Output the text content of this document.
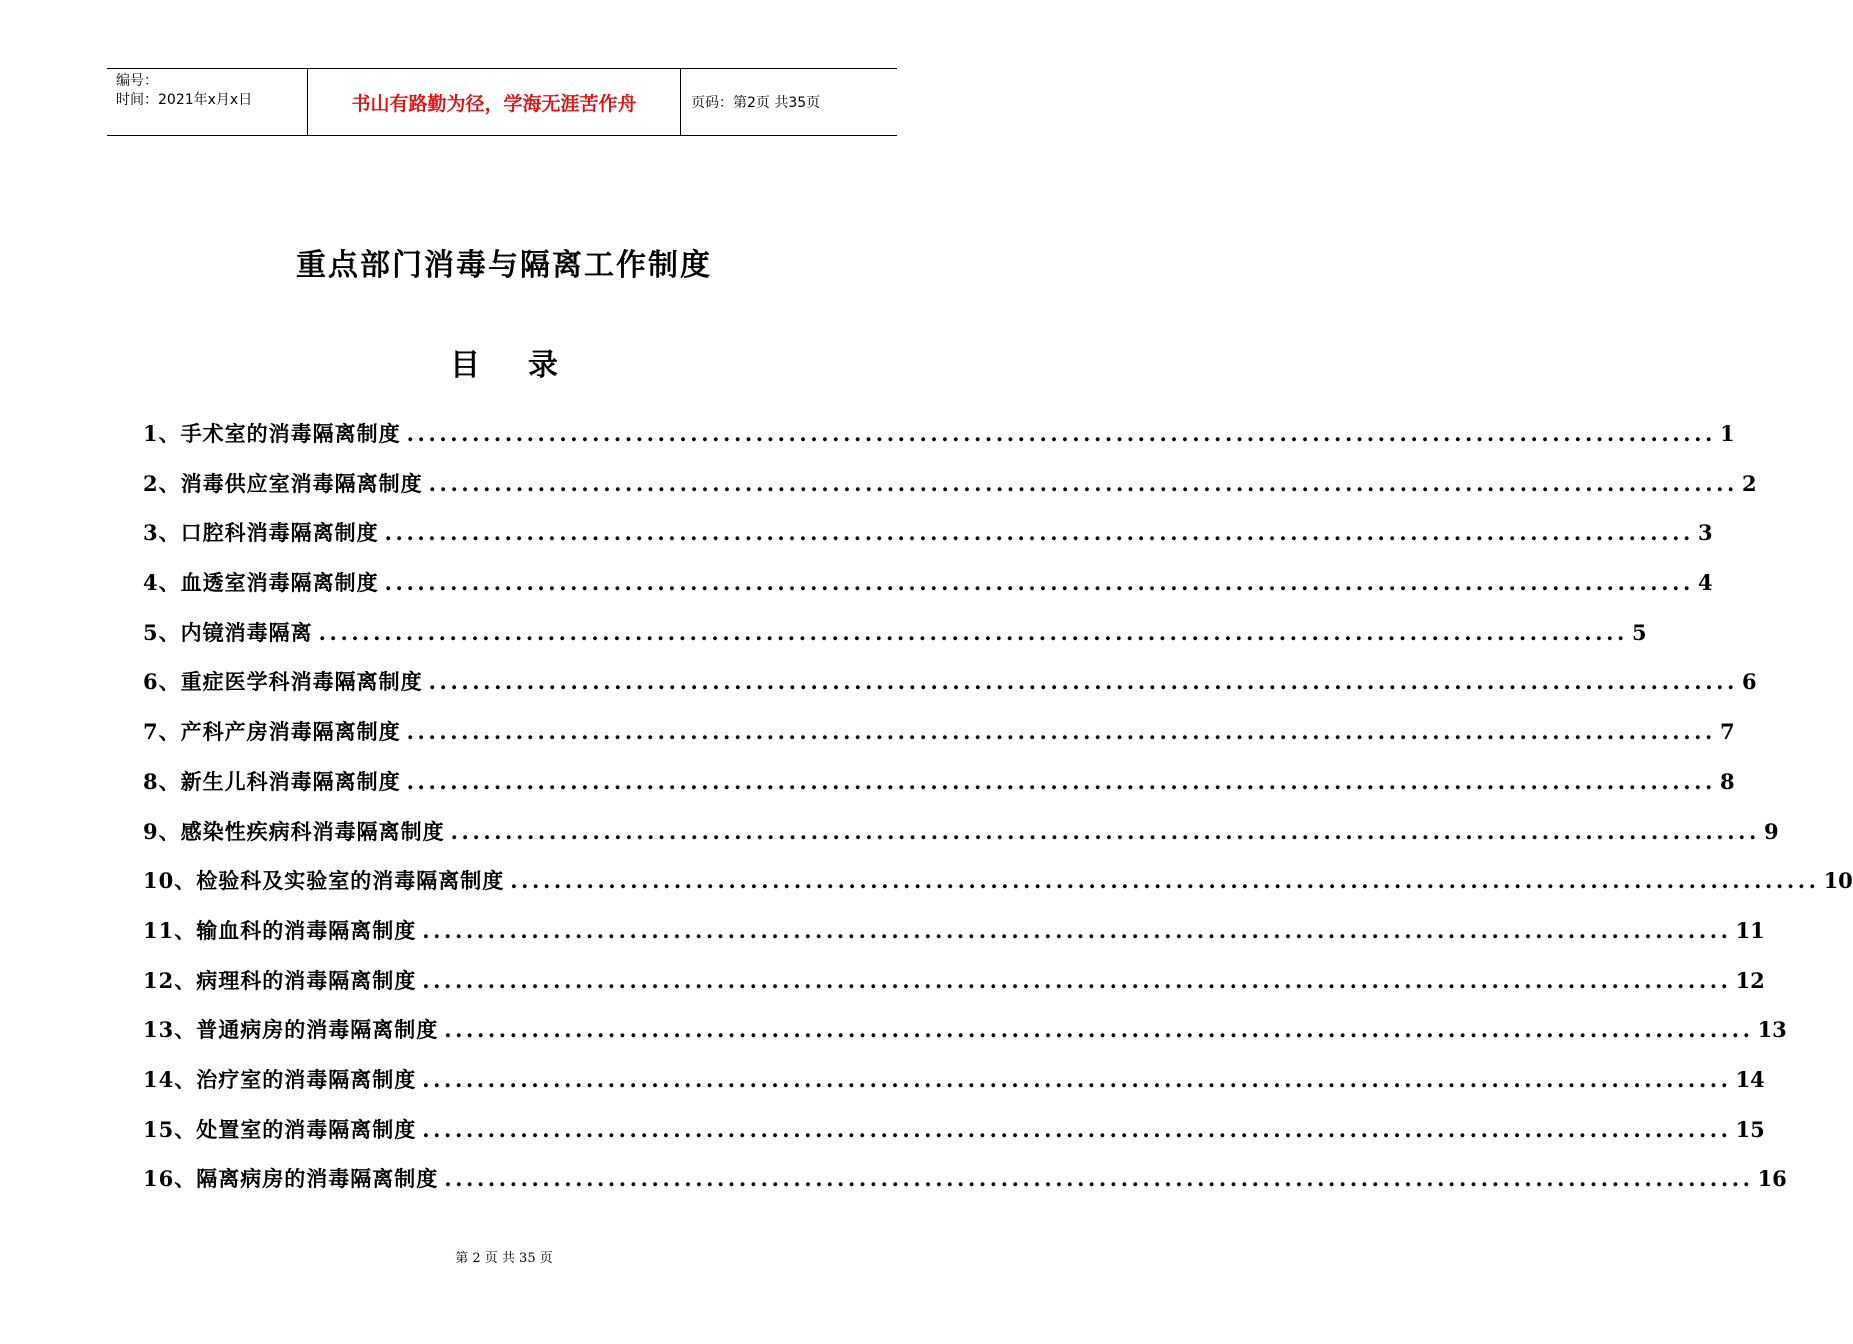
编号：
时间：2021年x月x日	书山有路勤为径，学海无涯苦作舟	页码：第2页 共35页
重点部门消毒与隔离工作制度
目 录
1、手术室的消毒隔离制度 ........................................................................................................................ 1
2、消毒供应室消毒隔离制度 ........................................................................................................................ 2
3、口腔科消毒隔离制度 ........................................................................................................................ 3
4、血透室消毒隔离制度 ........................................................................................................................ 4
5、内镜消毒隔离 ........................................................................................................................ 5
6、重症医学科消毒隔离制度 ........................................................................................................................ 6
7、产科产房消毒隔离制度 ........................................................................................................................ 7
8、新生儿科消毒隔离制度 ........................................................................................................................ 8
9、感染性疾病科消毒隔离制度 ........................................................................................................................ 9
10、检验科及实验室的消毒隔离制度 ........................................................................................................................ 10
11、输血科的消毒隔离制度 ........................................................................................................................ 11
12、病理科的消毒隔离制度 ........................................................................................................................ 12
13、普通病房的消毒隔离制度 ........................................................................................................................ 13
14、治疗室的消毒隔离制度 ........................................................................................................................ 14
15、处置室的消毒隔离制度 ........................................................................................................................ 15
16、隔离病房的消毒隔离制度 ........................................................................................................................ 16
第 2 页 共 35 页
